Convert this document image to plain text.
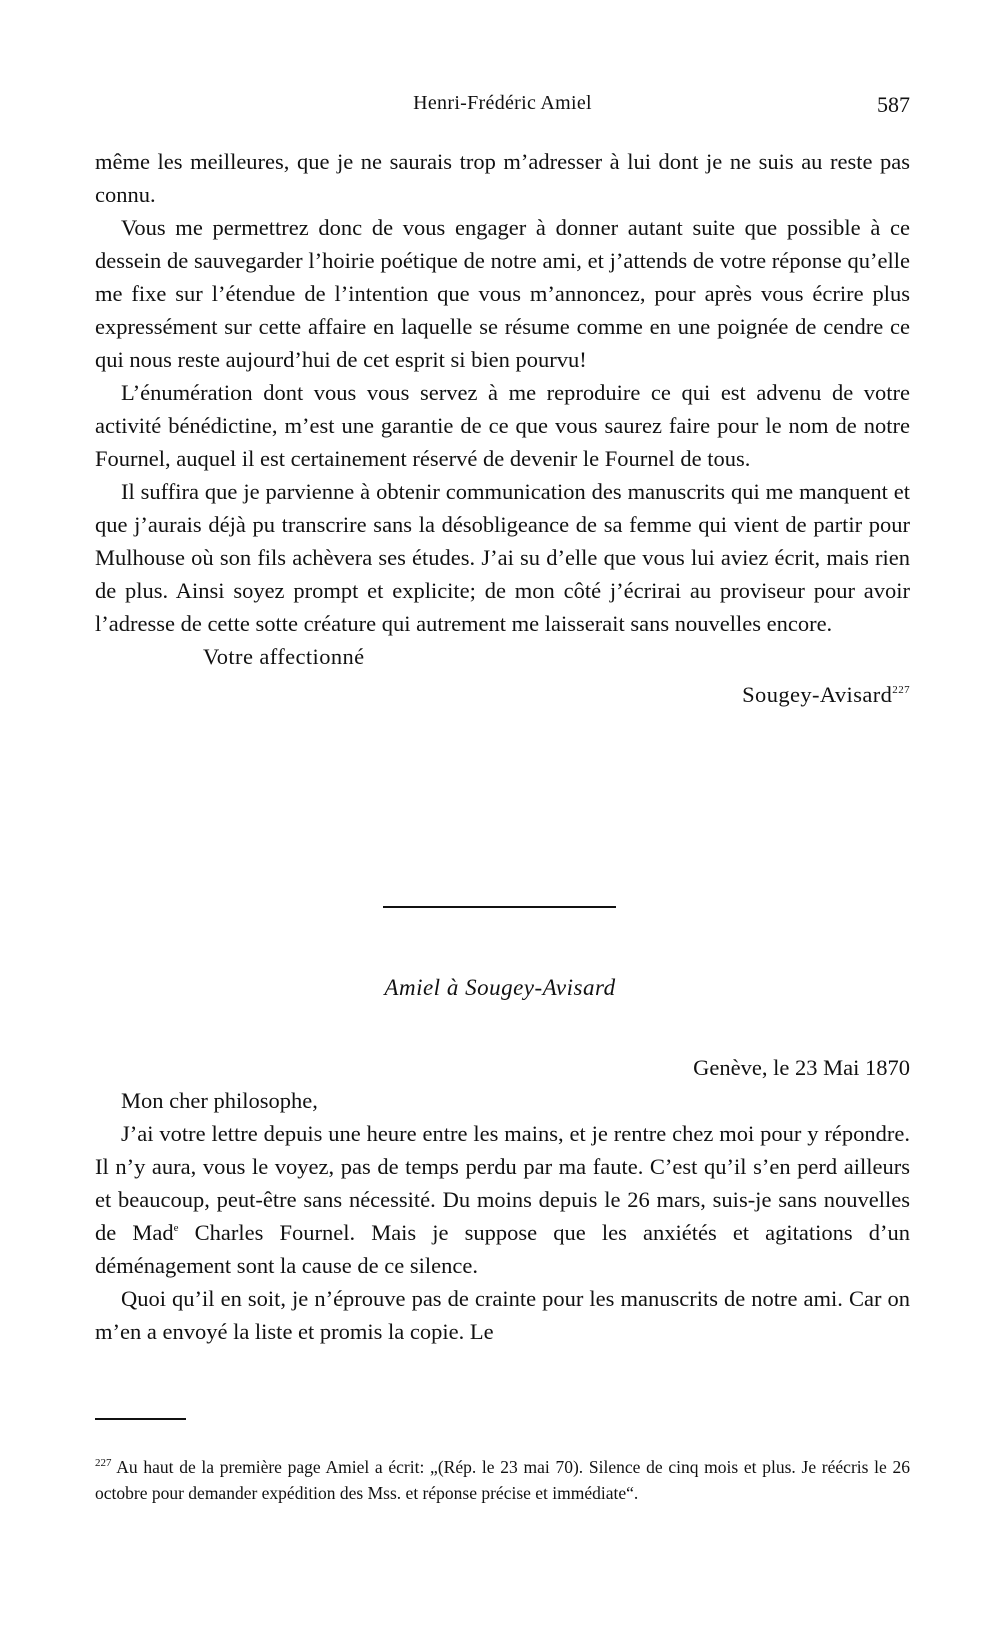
Henri-Frédéric Amiel	587

même les meilleures, que je ne saurais trop m’adresser à lui dont je ne suis au reste pas connu.

Vous me permettrez donc de vous engager à donner autant suite que possible à ce dessein de sauvegarder l’hoirie poétique de notre ami, et j’attends de votre réponse qu’elle me fixe sur l’étendue de l’intention que vous m’annoncez, pour après vous écrire plus expressément sur cette affaire en laquelle se résume comme en une poignée de cendre ce qui nous reste aujourd’hui de cet esprit si bien pourvu!

L’énumération dont vous vous servez à me reproduire ce qui est advenu de votre activité bénédictine, m’est une garantie de ce que vous saurez faire pour le nom de notre Fournel, auquel il est certainement réservé de devenir le Fournel de tous.

Il suffira que je parvienne à obtenir communication des manuscrits qui me manquent et que j’aurais déjà pu transcrire sans la désobligeance de sa femme qui vient de partir pour Mulhouse où son fils achèvera ses études. J’ai su d’elle que vous lui aviez écrit, mais rien de plus. Ainsi soyez prompt et explicite; de mon côté j’écrirai au proviseur pour avoir l’adresse de cette sotte créature qui autrement me laisserait sans nouvelles encore.

Votre affectionné

Sougey-Avisard$^{227}$

Amiel à Sougey-Avisard

Genève, le 23 Mai 1870

Mon cher philosophe,

J’ai votre lettre depuis une heure entre les mains, et je rentre chez moi pour y répondre. Il n’y aura, vous le voyez, pas de temps perdu par ma faute. C’est qu’il s’en perd ailleurs et beaucoup, peut-être sans nécessité. Du moins depuis le 26 mars, suis-je sans nouvelles de Mad$^e$ Charles Fournel. Mais je suppose que les anxiétés et agitations d’un déménagement sont la cause de ce silence.

Quoi qu’il en soit, je n’éprouve pas de crainte pour les manuscrits de notre ami. Car on m’en a envoyé la liste et promis la copie. Le

$^{227}$ Au haut de la première page Amiel a écrit: „(Rép. le 23 mai 70). Silence de cinq mois et plus. Je réécris le 26 octobre pour demander expédition des Mss. et réponse précise et immédiate“.
